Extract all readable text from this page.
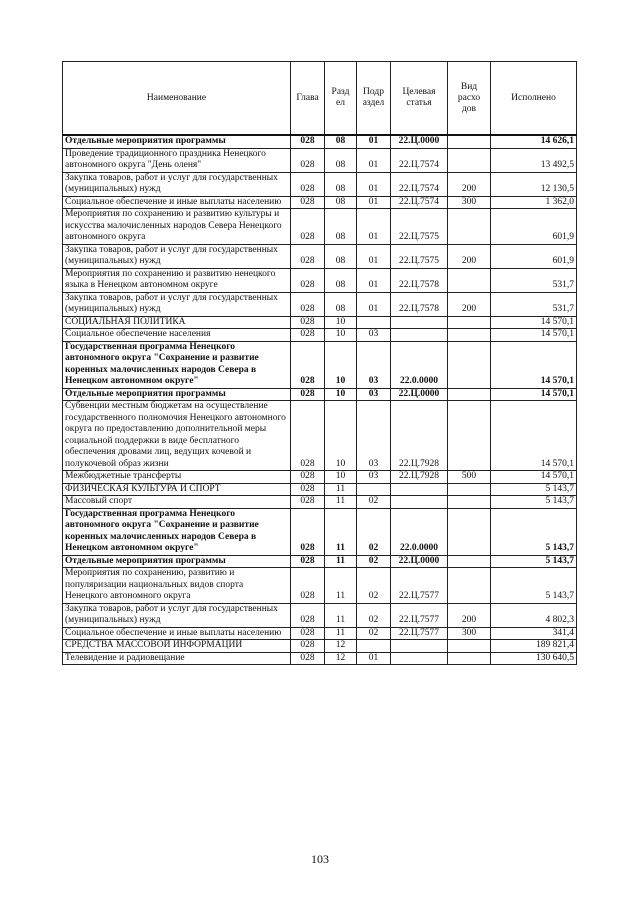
Наименование	Глава	Разд ел	Подр аздел	Целевая статья	Вид расхо дов	Исполнено
Отдельные мероприятия программы	028	08	01	22.Ц.0000		14 626,1
Проведение традиционного праздника Ненецкого автономного округа "День оленя"	028	08	01	22.Ц.7574		13 492,5
Закупка товаров, работ и услуг для государственных (муниципальных) нужд	028	08	01	22.Ц.7574	200	12 130,5
Социальное обеспечение и иные выплаты населению	028	08	01	22.Ц.7574	300	1 362,0
Мероприятия по сохранению и развитию культуры и искусства малочисленных народов Севера Ненецкого автономного округа	028	08	01	22.Ц.7575		601,9
Закупка товаров, работ и услуг для государственных (муниципальных) нужд	028	08	01	22.Ц.7575	200	601,9
Мероприятия по сохранению и развитию ненецкого языка в Ненецком автономном округе	028	08	01	22.Ц.7578		531,7
Закупка товаров, работ и услуг для государственных (муниципальных) нужд	028	08	01	22.Ц.7578	200	531,7
СОЦИАЛЬНАЯ ПОЛИТИКА	028	10				14 570,1
Социальное обеспечение населения	028	10	03			14 570,1
Государственная программа Ненецкого автономного округа "Сохранение и развитие коренных малочисленных народов Севера в Ненецком автономном округе"	028	10	03	22.0.0000		14 570,1
Отдельные мероприятия программы	028	10	03	22.Ц.0000		14 570,1
Субвенции местным бюджетам на осуществление государственного полномочия Ненецкого автономного округа по предоставлению дополнительной меры социальной поддержки в виде бесплатного обеспечения дровами лиц, ведущих кочевой и полукочевой образ жизни	028	10	03	22.Ц.7928		14 570,1
Межбюджетные трансферты	028	10	03	22.Ц.7928	500	14 570,1
ФИЗИЧЕСКАЯ КУЛЬТУРА И СПОРТ	028	11				5 143,7
Массовый спорт	028	11	02			5 143,7
Государственная программа Ненецкого автономного округа "Сохранение и развитие коренных малочисленных народов Севера в Ненецком автономном округе"	028	11	02	22.0.0000		5 143,7
Отдельные мероприятия программы	028	11	02	22.Ц.0000		5 143,7
Мероприятия по сохранению, развитию и популяризации национальных видов спорта Ненецкого автономного округа	028	11	02	22.Ц.7577		5 143,7
Закупка товаров, работ и услуг для государственных (муниципальных) нужд	028	11	02	22.Ц.7577	200	4 802,3
Социальное обеспечение и иные выплаты населению	028	11	02	22.Ц.7577	300	341,4
СРЕДСТВА МАССОВОЙ ИНФОРМАЦИИ	028	12				189 821,4
Телевидение и радиовещание	028	12	01			130 640,5
103
